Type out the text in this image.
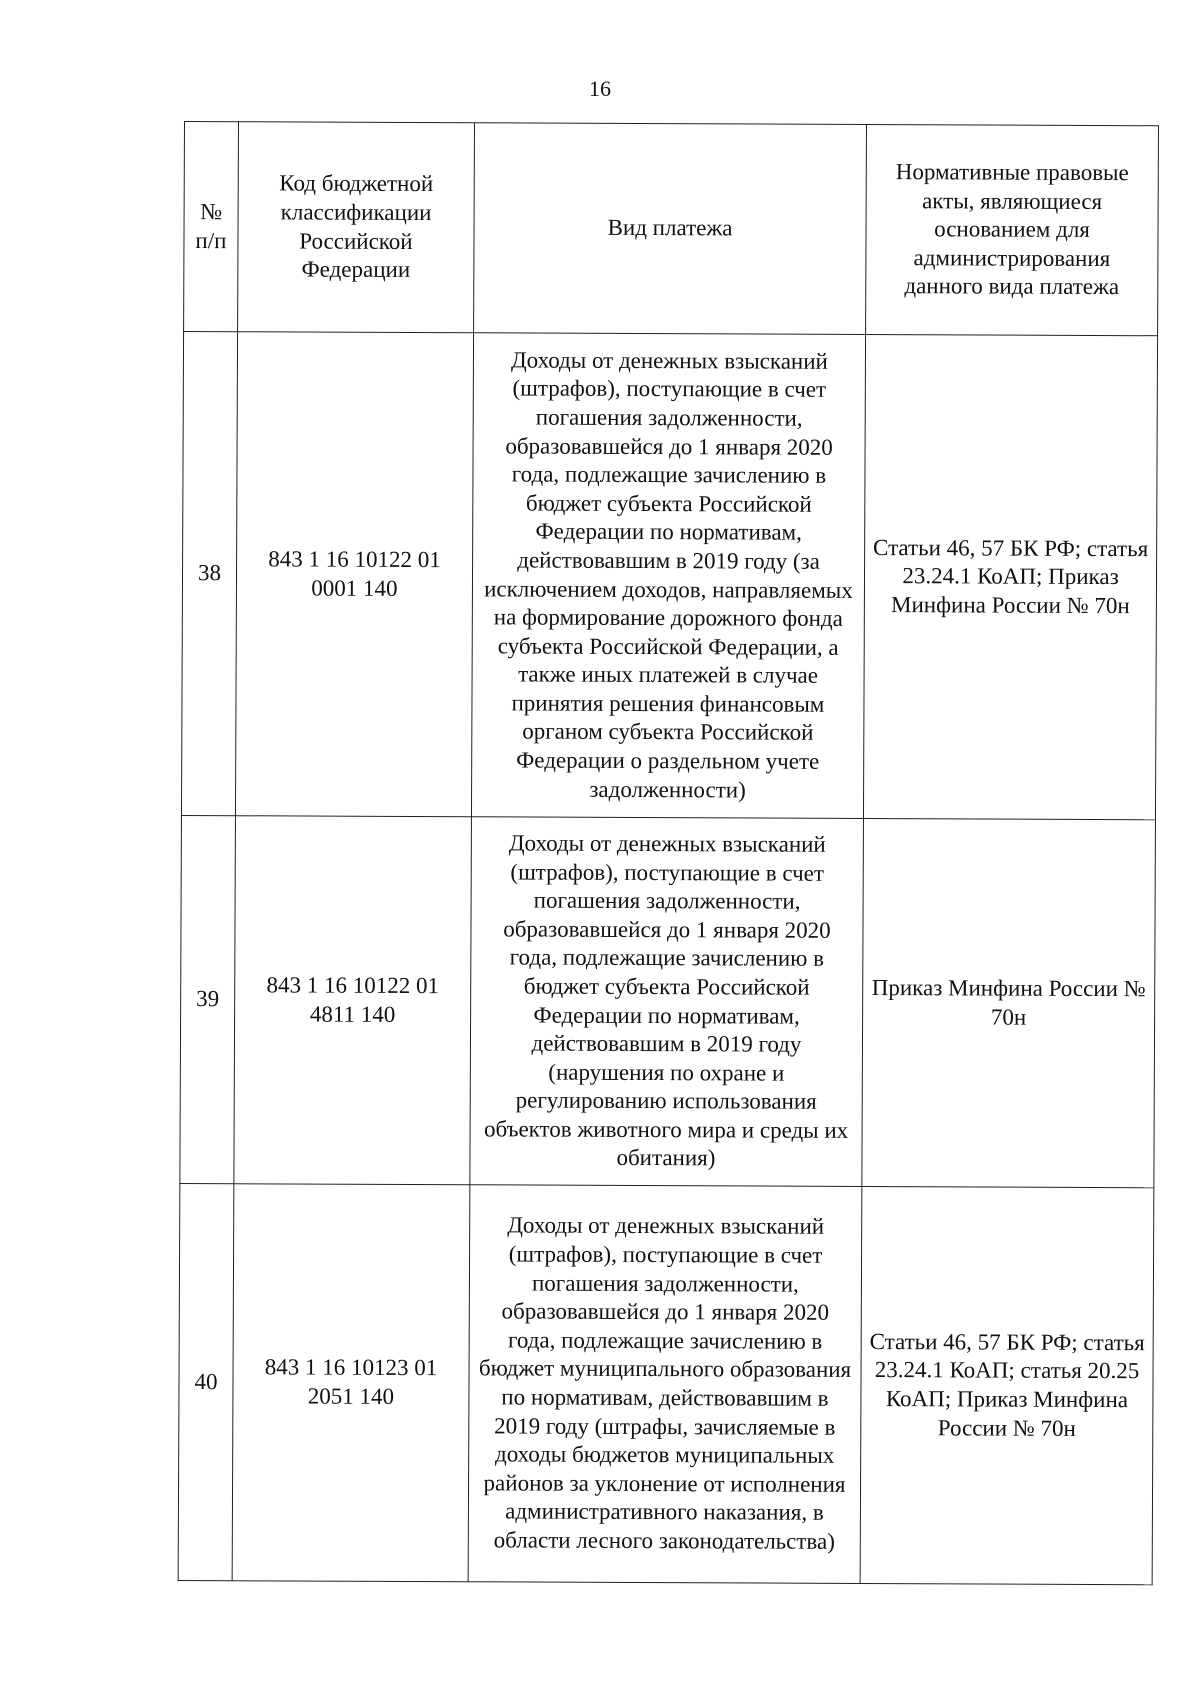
16
№ п/п	Код бюджетной классификации Российской Федерации	Вид платежа	Нормативные правовые акты, являющиеся основанием для администрирования данного вида платежа
38	843 1 16 10122 01 0001 140	Доходы от денежных взысканий (штрафов), поступающие в счет погашения задолженности, образовавшейся до 1 января 2020 года, подлежащие зачислению в бюджет субъекта Российской Федерации по нормативам, действовавшим в 2019 году (за исключением доходов, направляемых на формирование дорожного фонда субъекта Российской Федерации, а также иных платежей в случае принятия решения финансовым органом субъекта Российской Федерации о раздельном учете задолженности)	Статьи 46, 57 БК РФ; статья 23.24.1 КоАП; Приказ Минфина России № 70н
39	843 1 16 10122 01 4811 140	Доходы от денежных взысканий (штрафов), поступающие в счет погашения задолженности, образовавшейся до 1 января 2020 года, подлежащие зачислению в бюджет субъекта Российской Федерации по нормативам, действовавшим в 2019 году (нарушения по охране и регулированию использования объектов животного мира и среды их обитания)	Приказ Минфина России № 70н
40	843 1 16 10123 01 2051 140	Доходы от денежных взысканий (штрафов), поступающие в счет погашения задолженности, образовавшейся до 1 января 2020 года, подлежащие зачислению в бюджет муниципального образования по нормативам, действовавшим в 2019 году (штрафы, зачисляемые в доходы бюджетов муниципальных районов за уклонение от исполнения административного наказания, в области лесного законодательства)	Статьи 46, 57 БК РФ; статья 23.24.1 КоАП; статья 20.25 КоАП; Приказ Минфина России № 70н
